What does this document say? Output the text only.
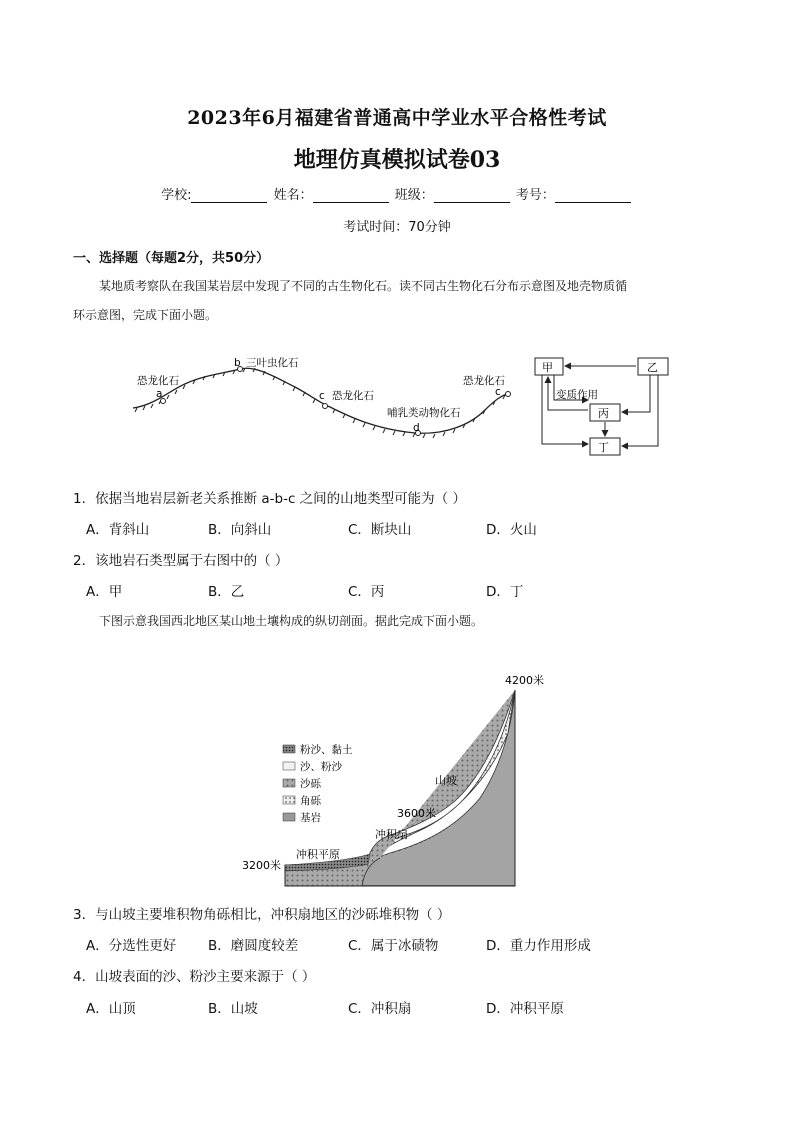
2023年6月福建省普通高中学业水平合格性考试
地理仿真模拟试卷03
学校:	姓名：	班级：	考号：
考试时间：70分钟
一、选择题（每题2分，共50分）
某地质考察队在我国某岩层中发现了不同的古生物化石。读不同古生物化石分布示意图及地壳物质循
环示意图，完成下面小题。
恐龙化石
a
b 三叶虫化石
c 恐龙化石
恐龙化石
c
哺乳类动物化石
d
甲	乙
丙
丁
变质作用
1．依据当地岩层新老关系推断 a-b-c 之间的山地类型可能为（ ）
A．背斜山	B．向斜山	C．断块山	D．火山
2．该地岩石类型属于右图中的（ ）
A．甲	B．乙	C．丙	D．丁
下图示意我国西北地区某山地土壤构成的纵切剖面。据此完成下面小题。
粉沙、黏土
沙、粉沙
沙砾
角砾
基岩
4200米
3600米
3200米
山坡
冲积扇
冲积平原
3．与山坡主要堆积物角砾相比，冲积扇地区的沙砾堆积物（ ）
A．分选性更好 B．磨圆度较差	C．属于冰碛物	D．重力作用形成
4．山坡表面的沙、粉沙主要来源于（ ）
A．山顶	B．山坡	C．冲积扇	D．冲积平原
